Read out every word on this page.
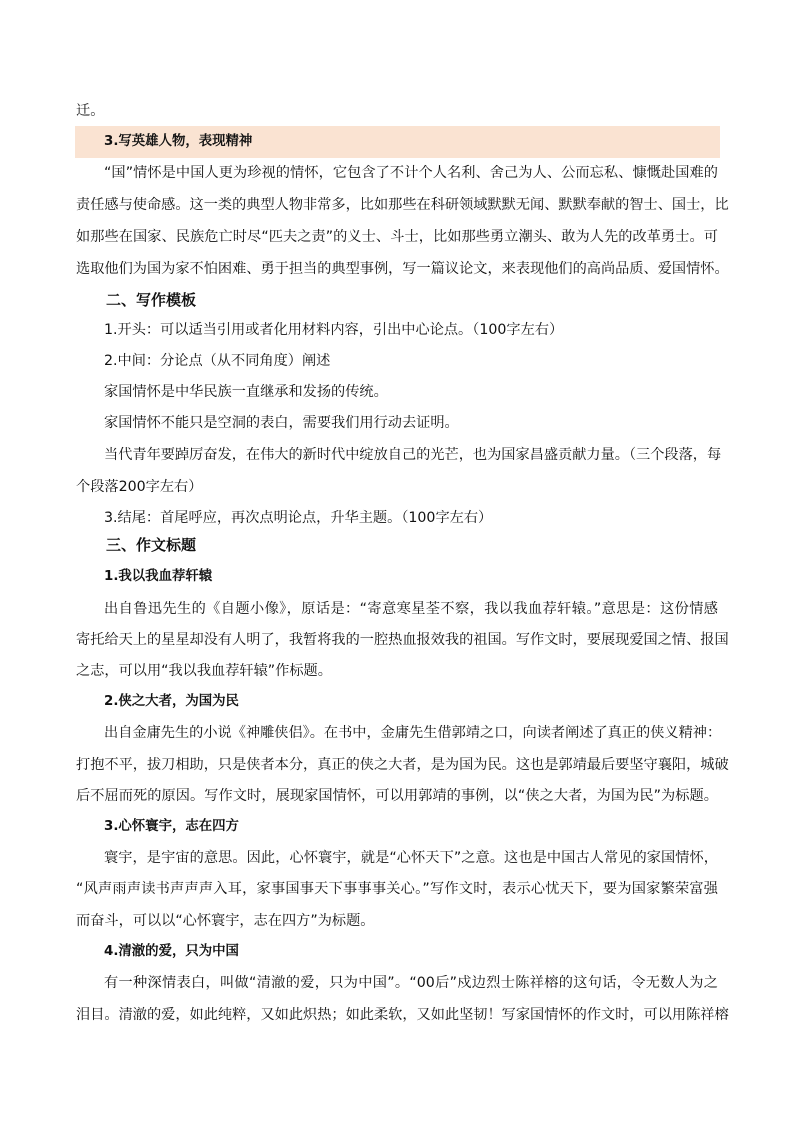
迁。
3.写英雄人物，表现精神
“国”情怀是中国人更为珍视的情怀，它包含了不计个人名利、舍己为人、公而忘私、慷慨赴国难的
责任感与使命感。这一类的典型人物非常多，比如那些在科研领域默默无闻、默默奉献的智士、国士，比
如那些在国家、民族危亡时尽“匹夫之责”的义士、斗士，比如那些勇立潮头、敢为人先的改革勇士。可
选取他们为国为家不怕困难、勇于担当的典型事例，写一篇议论文，来表现他们的高尚品质、爱国情怀。
二、写作模板
1.开头：可以适当引用或者化用材料内容，引出中心论点。（100字左右）
2.中间：分论点（从不同角度）阐述
家国情怀是中华民族一直继承和发扬的传统。
家国情怀不能只是空洞的表白，需要我们用行动去证明。
当代青年要踔厉奋发，在伟大的新时代中绽放自己的光芒，也为国家昌盛贡献力量。（三个段落，每
个段落200字左右）
3.结尾：首尾呼应，再次点明论点，升华主题。（100字左右）
三、作文标题
1.我以我血荐轩辕
出自鲁迅先生的《自题小像》，原话是：“寄意寒星荃不察，我以我血荐轩辕。”意思是：这份情感
寄托给天上的星星却没有人明了，我暂将我的一腔热血报效我的祖国。写作文时，要展现爱国之情、报国
之志，可以用“我以我血荐轩辕”作标题。
2.侠之大者，为国为民
出自金庸先生的小说《神雕侠侣》。在书中，金庸先生借郭靖之口，向读者阐述了真正的侠义精神：
打抱不平，拔刀相助，只是侠者本分，真正的侠之大者，是为国为民。这也是郭靖最后要坚守襄阳，城破
后不屈而死的原因。写作文时，展现家国情怀，可以用郭靖的事例，以“侠之大者，为国为民”为标题。
3.心怀寰宇，志在四方
寰宇，是宇宙的意思。因此，心怀寰宇，就是“心怀天下”之意。这也是中国古人常见的家国情怀，
“风声雨声读书声声声入耳，家事国事天下事事事关心。”写作文时，表示心忧天下，要为国家繁荣富强
而奋斗，可以以“心怀寰宇，志在四方”为标题。
4.清澈的爱，只为中国
有一种深情表白，叫做“清澈的爱，只为中国”。“00后”戍边烈士陈祥榕的这句话，令无数人为之
泪目。清澈的爱，如此纯粹，又如此炽热；如此柔软，又如此坚韧！写家国情怀的作文时，可以用陈祥榕
